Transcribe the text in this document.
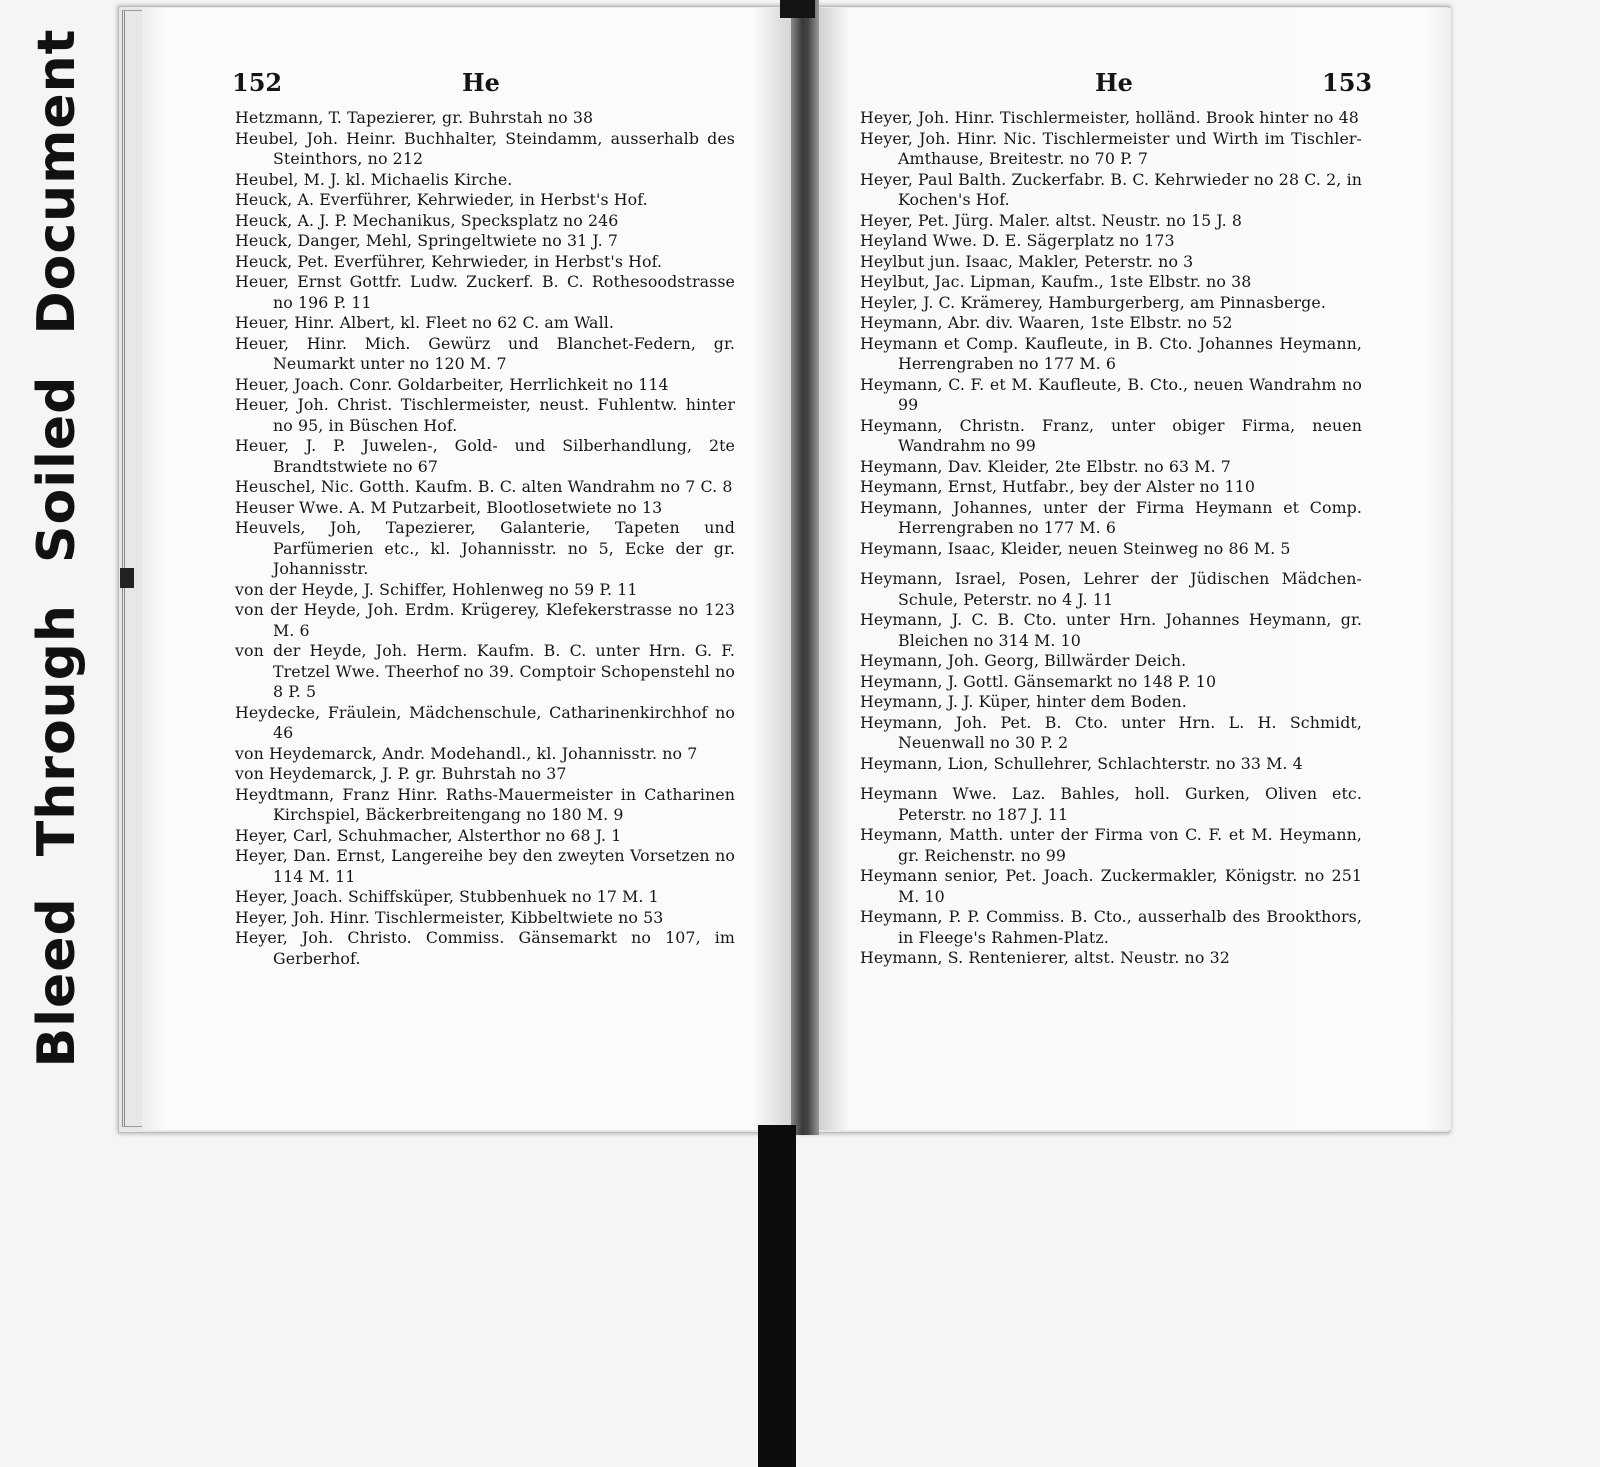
Bleed Through Soiled Document	152	He	He	153

Hetzmann, T. Tapezierer, gr. Buhrstah no 38

Heubel, Joh. Heinr. Buchhalter, Steindamm, ausserhalb des Steinthors, no 212

Heubel, M. J. kl. Michaelis Kirche.

Heuck, A. Everführer, Kehrwieder, in Herbst's Hof.

Heuck, A. J. P. Mechanikus, Specksplatz no 246

Heuck, Danger, Mehl, Springeltwiete no 31 J. 7

Heuck, Pet. Everführer, Kehrwieder, in Herbst's Hof.

Heuer, Ernst Gottfr. Ludw. Zuckerf. B. C. Rothesoodstrasse no 196 P. 11

Heuer, Hinr. Albert, kl. Fleet no 62 C. am Wall.

Heuer, Hinr. Mich. Gewürz und Blanchet-Federn, gr. Neumarkt unter no 120 M. 7

Heuer, Joach. Conr. Goldarbeiter, Herrlichkeit no 114

Heuer, Joh. Christ. Tischlermeister, neust. Fuhlentw. hinter no 95, in Büschen Hof.

Heuer, J. P. Juwelen-, Gold- und Silberhandlung, 2te Brandtstwiete no 67

Heuschel, Nic. Gotth. Kaufm. B. C. alten Wandrahm no 7 C. 8

Heuser Wwe. A. M Putzarbeit, Blootlosetwiete no 13

Heuvels, Joh, Tapezierer, Galanterie, Tapeten und Parfümerien etc., kl. Johannisstr. no 5, Ecke der gr. Johannisstr.

von der Heyde, J. Schiffer, Hohlenweg no 59 P. 11

von der Heyde, Joh. Erdm. Krügerey, Klefekerstrasse no 123 M. 6

von der Heyde, Joh. Herm. Kaufm. B. C. unter Hrn. G. F. Tretzel Wwe. Theerhof no 39. Comptoir Schopenstehl no 8 P. 5

Heydecke, Fräulein, Mädchenschule, Catharinenkirchhof no 46

von Heydemarck, Andr. Modehandl., kl. Johannisstr. no 7

von Heydemarck, J. P. gr. Buhrstah no 37

Heydtmann, Franz Hinr. Raths-Mauermeister in Catharinen Kirchspiel, Bäckerbreitengang no 180 M. 9

Heyer, Carl, Schuhmacher, Alsterthor no 68 J. 1

Heyer, Dan. Ernst, Langereihe bey den zweyten Vorsetzen no 114 M. 11

Heyer, Joach. Schiffsküper, Stubbenhuek no 17 M. 1

Heyer, Joh. Hinr. Tischlermeister, Kibbeltwiete no 53

Heyer, Joh. Christo. Commiss. Gänsemarkt no 107, im Gerberhof.

Heyer, Joh. Hinr. Tischlermeister, holländ. Brook hinter no 48

Heyer, Joh. Hinr. Nic. Tischlermeister und Wirth im Tischler-Amthause, Breitestr. no 70 P. 7

Heyer, Paul Balth. Zuckerfabr. B. C. Kehrwieder no 28 C. 2, in Kochen's Hof.

Heyer, Pet. Jürg. Maler. altst. Neustr. no 15 J. 8

Heyland Wwe. D. E. Sägerplatz no 173

Heylbut jun. Isaac, Makler, Peterstr. no 3

Heylbut, Jac. Lipman, Kaufm., 1ste Elbstr. no 38

Heyler, J. C. Krämerey, Hamburgerberg, am Pinnasberge.

Heymann, Abr. div. Waaren, 1ste Elbstr. no 52

Heymann et Comp. Kaufleute, in B. Cto. Johannes Heymann, Herrengraben no 177 M. 6

Heymann, C. F. et M. Kaufleute, B. Cto., neuen Wandrahm no 99

Heymann, Christn. Franz, unter obiger Firma, neuen Wandrahm no 99

Heymann, Dav. Kleider, 2te Elbstr. no 63 M. 7

Heymann, Ernst, Hutfabr., bey der Alster no 110

Heymann, Johannes, unter der Firma Heymann et Comp. Herrengraben no 177 M. 6

Heymann, Isaac, Kleider, neuen Steinweg no 86 M. 5

Heymann, Israel, Posen, Lehrer der Jüdischen Mädchen-Schule, Peterstr. no 4 J. 11

Heymann, J. C. B. Cto. unter Hrn. Johannes Heymann, gr. Bleichen no 314 M. 10

Heymann, Joh. Georg, Billwärder Deich.

Heymann, J. Gottl. Gänsemarkt no 148 P. 10

Heymann, J. J. Küper, hinter dem Boden.

Heymann, Joh. Pet. B. Cto. unter Hrn. L. H. Schmidt, Neuenwall no 30 P. 2

Heymann, Lion, Schullehrer, Schlachterstr. no 33 M. 4

Heymann Wwe. Laz. Bahles, holl. Gurken, Oliven etc. Peterstr. no 187 J. 11

Heymann, Matth. unter der Firma von C. F. et M. Heymann, gr. Reichenstr. no 99

Heymann senior, Pet. Joach. Zuckermakler, Königstr. no 251 M. 10

Heymann, P. P. Commiss. B. Cto., ausserhalb des Brookthors, in Fleege's Rahmen-Platz.

Heymann, S. Rentenierer, altst. Neustr. no 32
